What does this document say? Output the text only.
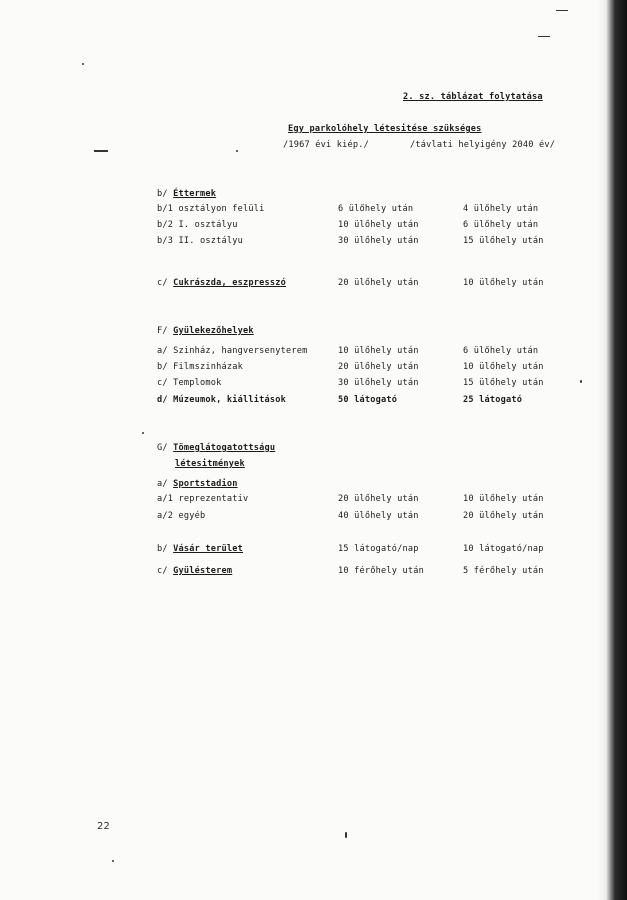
2. sz. táblázat folytatása
Egy parkolóhely létesitése szükséges
/1967 évi kiép./	/távlati helyigény 2040 év/
b/ Éttermek
b/1 osztályon felüli	6 ülőhely után	4 ülőhely után
b/2 I. osztályu	10 ülőhely után	6 ülőhely után
b/3 II. osztályu	30 ülőhely után	15 ülőhely után
c/ Cukrászda, eszpresszó	20 ülőhely után	10 ülőhely után
F/ Gyülekezőhelyek
a/ Szinház, hangversenyterem	10 ülőhely után	6 ülőhely után
b/ Filmszinházak	20 ülőhely után	10 ülőhely után
c/ Templomok	30 ülőhely után	15 ülőhely után
d/ Múzeumok, kiállitások	50 látogató	25 látogató
G/ Tömeglátogatottságu
létesitmények
a/ Sportstadion
a/1 reprezentativ	20 ülőhely után	10 ülőhely után
a/2 egyéb	40 ülőhely után	20 ülőhely után
b/ Vásár terület	15 látogató/nap	10 látogató/nap
c/ Gyülésterem	10 férőhely után	5 férőhely után
22
